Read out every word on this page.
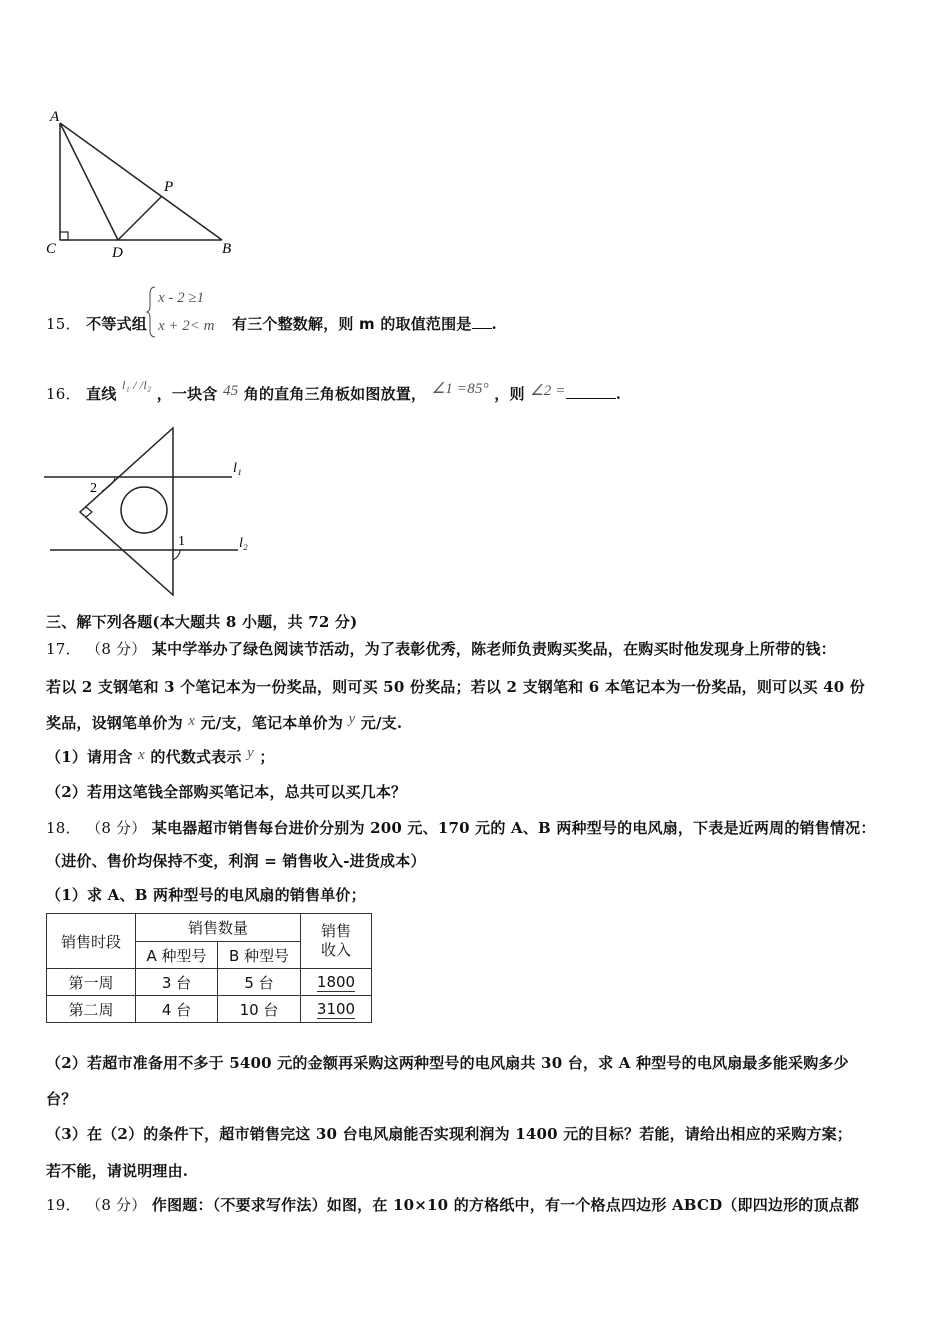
A
C	D	B
P
15． 不等式组
x - 2 ≥1
x + 2< m 有三个整数解，则 m 的取值范围是 .
16． 直线 $^{l_1 / /l_2}$ ，一块含 45 角的直角三角板如图放置， ∠1 =85° ，则 ∠2 =	.
2
1
l₁
l₂
三、解下列各题(本大题共 8 小题，共 72 分)
17． （8 分） 某中学举办了绿色阅读节活动，为了表彰优秀，陈老师负责购买奖品，在购买时他发现身上所带的钱：
若以 2 支钢笔和 3 个笔记本为一份奖品，则可买 50 份奖品；若以 2 支钢笔和 6 本笔记本为一份奖品，则可以买 40 份
奖品，设钢笔单价为 x 元/支，笔记本单价为 y 元/支.
（1）请用含 x 的代数式表示 y ；
（2）若用这笔钱全部购买笔记本，总共可以买几本？
18． （8 分） 某电器超市销售每台进价分别为 200 元、170 元的 A、B 两种型号的电风扇，下表是近两周的销售情况：
（进价、售价均保持不变，利润 = 销售收入-进货成本）
（1）求 A、B 两种型号的电风扇的销售单价；
销售时段	销售数量		销售收入

	A 种型号	B 种型号	
第一周	3 台	5 台	1800
第二周	4 台	10 台	3100
（2）若超市准备用不多于 5400 元的金额再采购这两种型号的电风扇共 30 台，求 A 种型号的电风扇最多能采购多少
台？
（3）在（2）的条件下，超市销售完这 30 台电风扇能否实现利润为 1400 元的目标？若能，请给出相应的采购方案；
若不能，请说明理由.
19． （8 分） 作图题：（不要求写作法）如图，在 10×10 的方格纸中，有一个格点四边形 ABCD（即四边形的顶点都
